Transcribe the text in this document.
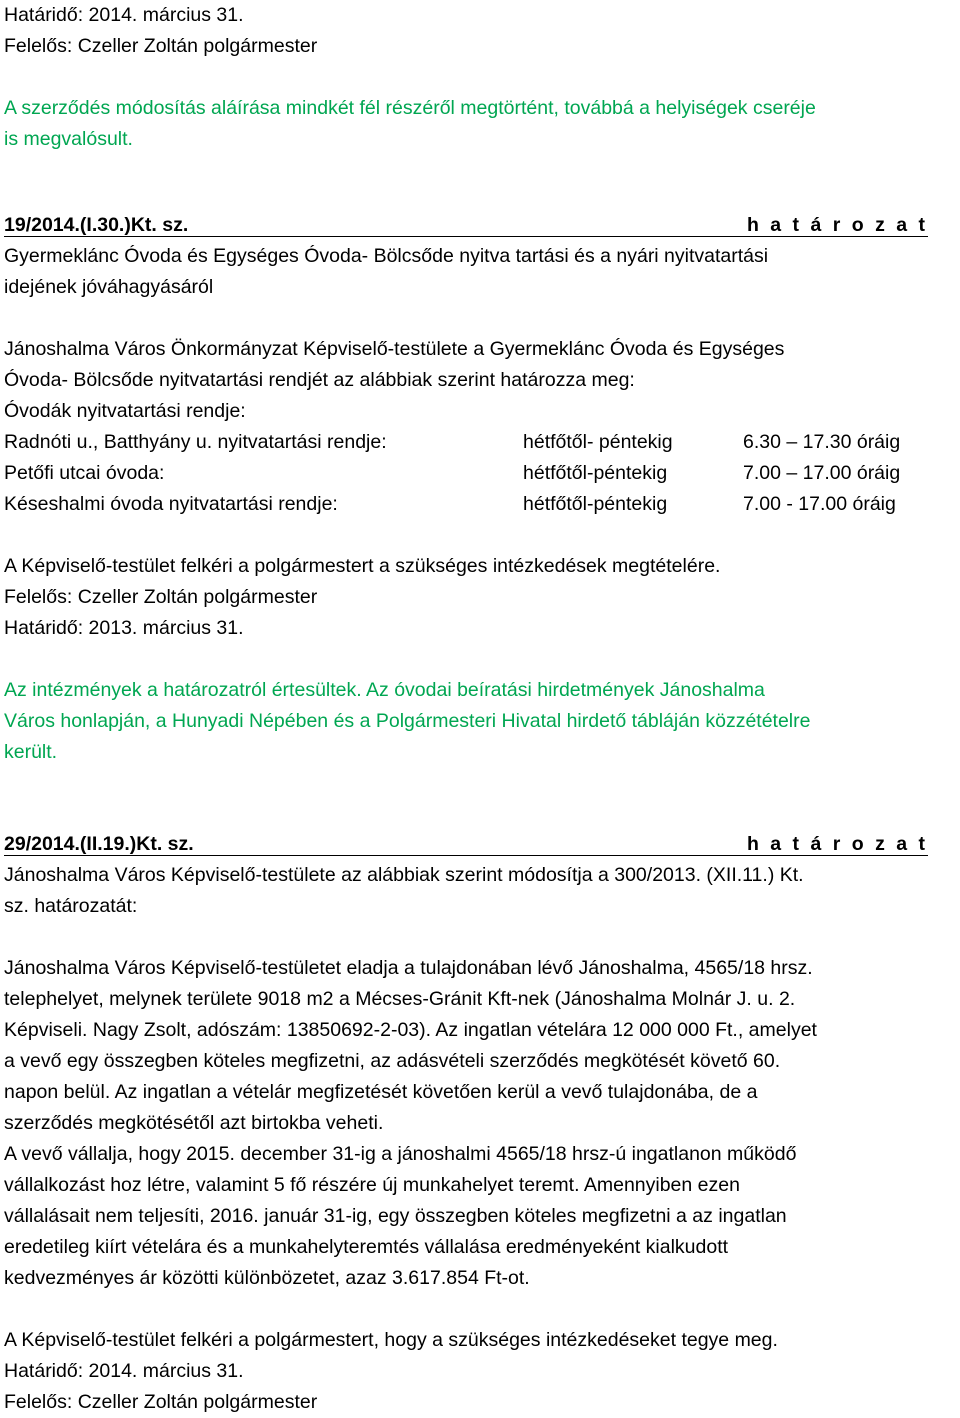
Határidő: 2014. március 31.
Felelős: Czeller Zoltán polgármester
A szerződés módosítás aláírása mindkét fél részéről megtörtént, továbbá a helyiségek cseréje
is megvalósult.
19/2014.(I.30.)Kt. sz.	h a t á r o z a t
Gyermeklánc Óvoda és Egységes Óvoda- Bölcsőde nyitva tartási és a nyári nyitvatartási
idejének jóváhagyásáról
Jánoshalma Város Önkormányzat Képviselő-testülete a Gyermeklánc Óvoda és Egységes
Óvoda- Bölcsőde nyitvatartási rendjét az alábbiak szerint határozza meg:
Óvodák nyitvatartási rendje:
Radnóti u., Batthyány u. nyitvatartási rendje:	hétfőtől- péntekig	6.30 – 17.30 óráig
Petőfi utcai óvoda:	hétfőtől-péntekig	7.00 – 17.00 óráig
Késeshalmi óvoda nyitvatartási rendje:	hétfőtől-péntekig	7.00 - 17.00 óráig
A Képviselő-testület felkéri a polgármestert a szükséges intézkedések megtételére.
Felelős: Czeller Zoltán polgármester
Határidő: 2013. március 31.
Az intézmények a határozatról értesültek. Az óvodai beíratási hirdetmények Jánoshalma
Város honlapján, a Hunyadi Népében és a Polgármesteri Hivatal hirdető tábláján közzétételre
került.
29/2014.(II.19.)Kt. sz.	h a t á r o z a t
Jánoshalma Város Képviselő-testülete az alábbiak szerint módosítja a 300/2013. (XII.11.) Kt.
sz. határozatát:
Jánoshalma Város Képviselő-testületet eladja a tulajdonában lévő Jánoshalma, 4565/18 hrsz.
telephelyet, melynek területe 9018 m2 a Mécses-Gránit Kft-nek (Jánoshalma Molnár J. u. 2.
Képviseli. Nagy Zsolt, adószám: 13850692-2-03). Az ingatlan vételára 12 000 000 Ft., amelyet
a vevő egy összegben köteles megfizetni, az adásvételi szerződés megkötését követő 60.
napon belül. Az ingatlan a vételár megfizetését követően kerül a vevő tulajdonába, de a
szerződés megkötésétől azt birtokba veheti.
A vevő vállalja, hogy 2015. december 31-ig a jánoshalmi 4565/18 hrsz-ú ingatlanon működő
vállalkozást hoz létre, valamint 5 fő részére új munkahelyet teremt. Amennyiben ezen
vállalásait nem teljesíti, 2016. január 31-ig, egy összegben köteles megfizetni a az ingatlan
eredetileg kiírt vételára és a munkahelyteremtés vállalása eredményeként kialkudott
kedvezményes ár közötti különbözetet, azaz 3.617.854 Ft-ot.
A Képviselő-testület felkéri a polgármestert, hogy a szükséges intézkedéseket tegye meg.
Határidő: 2014. március 31.
Felelős: Czeller Zoltán polgármester
